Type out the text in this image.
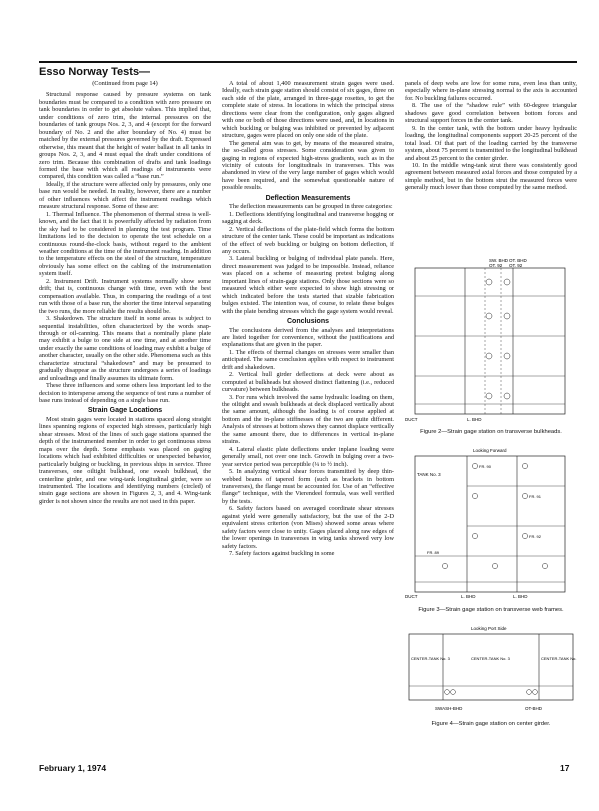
Esso Norway Tests—

(Continued from page 14)

Structural response caused by pressure systems on tank boundaries must be compared to a condition with zero pressure on tank boundaries in order to get absolute values. This implied that, under conditions of zero trim, the internal pressures on the boundaries of tank groups Nos. 2, 3, and 4 (except for the forward boundary of No. 2 and the after boundary of No. 4) must be matched by the external pressures governed by the draft. Expressed otherwise, this meant that the height of water ballast in all tanks in groups Nos. 2, 3, and 4 must equal the draft under conditions of zero trim. Because this combination of drafts and tank loadings formed the base with which all readings of instruments were compared, this condition was called a “base run.”

Ideally, if the structure were affected only by pressures, only one base run would be needed. In reality, however, there are a number of other influences which affect the instrument readings which measure structural response. Some of these are:

1. Thermal Influence. The phenomenon of thermal stress is well-known, and the fact that it is powerfully affected by radiation from the sky had to be considered in planning the test program. Time limitations led to the decision to operate the test schedule on a continuous round-the-clock basis, without regard to the ambient weather conditions at the time of the instrument reading. In addition to the temperature effects on the steel of the structure, temperature obviously has some effect on the cabling of the instrumentation system itself.

2. Instrument Drift. Instrument systems normally show some drift; that is, continuous change with time, even with the best compensation available. Thus, in comparing the readings of a test run with those of a base run, the shorter the time interval separating the two runs, the more reliable the results should be.

3. Shakedown. The structure itself in some areas is subject to sequential instabilities, often characterized by the words snap-through or oil-canning. This means that a nominally plane plate may exhibit a bulge to one side at one time, and at another time under exactly the same conditions of loading may exhibit a bulge of another character, usually on the other side. Phenomena such as this characterize structural “shakedown” and may be presumed to gradually disappear as the structure undergoes a series of loadings and unloadings and finally assumes its ultimate form.

These three influences and some others less important led to the decision to intersperse among the sequence of test runs a number of base runs instead of depending on a single base run.

Strain Gage Locations

Most strain gages were located in stations spaced along straight lines spanning regions of expected high stresses, particularly high shear stresses. Most of the lines of such gage stations spanned the depth of the instrumented member in order to get continuous stress maps over the depth. Some emphasis was placed on gaging locations which had exhibited difficulties or unexpected behavior, particularly bulging or buckling, in previous ships in service. Three transverses, one oiltight bulkhead, one swash bulkhead, the centerline girder, and one wing-tank longitudinal girder, were so instrumented. The locations and identifying numbers (circled) of strain gage sections are shown in Figures 2, 3, and 4. Wing-tank girder is not shown since the results are not used in this paper.

A total of about 1,400 measurement strain gages were used. Ideally, each strain gage station should consist of six gages, three on each side of the plate, arranged in three-gage rosettes, to get the complete state of stress. In locations in which the principal stress directions were clear from the configuration, only gages aligned with one or both of those directions were used, and, in locations in which buckling or bulging was inhibited or prevented by adjacent structure, gages were placed on only one side of the plate.

The general aim was to get, by means of the measured strains, the so-called gross stresses. Some consideration was given to gaging in regions of expected high-stress gradients, such as in the vicinity of cutouts for longitudinals in transverses. This was abandoned in view of the very large number of gages which would have been required, and the somewhat questionable nature of possible results.

Deflection Measurements

The deflection measurements can be grouped in three categories:

1. Deflections identifying longitudinal and transverse hogging or sagging at deck.

2. Vertical deflections of the plate-field which forms the bottom structure of the center tank. These could be important as indications of the effect of web buckling or bulging on bottom deflection, if any occurs.

3. Lateral buckling or bulging of individual plate panels. Here, direct measurement was judged to be impossible. Instead, reliance was placed on a scheme of measuring pretest bulging along important lines of strain-gage stations. Only those sections were so measured which either were expected to show high stressing or which indicated before the tests started that sizable fabrication bulges existed. The intention was, of course, to relate these bulges with the plate bending stresses which the gage system would reveal.

Conclusions

The conclusions derived from the analyses and interpretations are listed together for convenience, without the justifications and explanations that are given in the paper.

1. The effects of thermal changes on stresses were smaller than anticipated. The same conclusion applies with respect to instrument drift and shakedown.

2. Vertical hull girder deflections at deck were about as computed at bulkheads but showed distinct flattening (i.e., reduced curvature) between bulkheads.

3. For runs which involved the same hydraulic loading on them, the oiltight and swash bulkheads at deck displaced vertically about the same amount, although the loading is of course applied at bottom and the in-plane stiffnesses of the two are quite different. Analysis of stresses at bottom shows they cannot displace vertically the same amount there, due to differences in vertical in-plane strains.

4. Lateral elastic plate deflections under inplane loading were generally small, not over one inch. Growth in bulging over a two-year service period was perceptible (¼ to ½ inch).

5. In analyzing vertical shear forces transmitted by deep thin-webbed beams of tapered form (such as brackets in bottom transverses), the flange must be accounted for. Use of an “effective flange” technique, with the Vierendeel formula, was well verified by the tests.

6. Safety factors based on averaged coordinate shear stresses against yield were generally satisfactory, but the use of the 2-D equivalent stress criterion (von Mises) showed some areas where safety factors were close to unity. Gages placed along raw edges of the lower openings in transverses in wing tanks showed very low safety factors.

7. Safety factors against buckling in some

panels of deep webs are low for some runs, even less than unity, especially where in-plane stressing normal to the axis is accounted for. No buckling failures occurred.

8. The use of the “shadow rule” with 60-degree triangular shadows gave good correlation between bottom forces and structural support forces in the center tank.

9. In the center tank, with the bottom under heavy hydraulic loading, the longitudinal components support 20-25 percent of the total load. Of that part of the loading carried by the transverse system, about 75 percent is transmitted to the longitudinal bulkhead and about 25 percent to the center girder.

10. In the middle wing-tank strut there was consistently good agreement between measured axial forces and those computed by a simple method, but in the bottom strut the measured forces were generally much lower than those computed by the same method.

SW. BHD
OT. 92
OT. BHD
OT. 92
DUCT	L. BHD
Figure 2—Strain gage station on transverse bulkheads.
Looking Forward
TANK No. 3
FR. 90
FR. 91
FR. 92
FR. 89
DUCT	L. BHD	L. BHD
Figure 3—Strain gage station on transverse web frames.
Looking Port Side
CENTER-TANK No. 3	CENTER-TANK No. 3	CENTER-TANK No. 2
SWASH-BHD	OT-BHD
Figure 4—Strain gage station on center girder.
February 1, 1974	17
